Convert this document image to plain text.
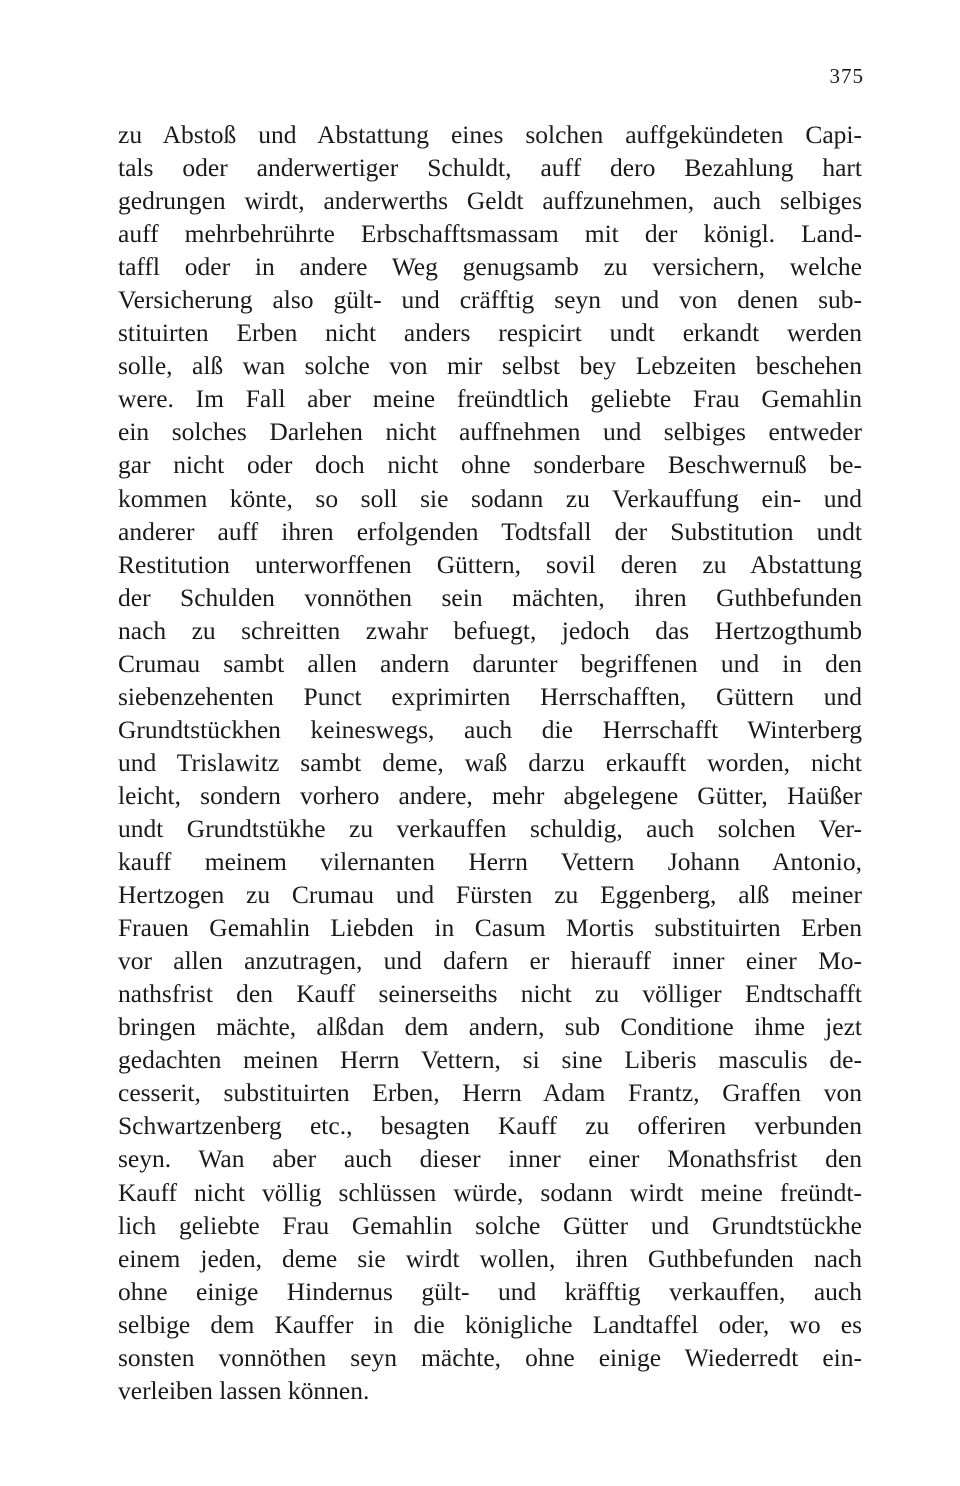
375
zu Abstoß und Abstattung eines solchen auffgekündeten Capi-
tals oder anderwertiger Schuldt, auff dero Bezahlung hart
gedrungen wirdt, anderwerths Geldt auffzunehmen, auch selbiges
auff mehrbehrührte Erbschafftsmassam mit der königl. Land-
taffl oder in andere Weg genugsamb zu versichern, welche
Versicherung also gült- und cräfftig seyn und von denen sub-
stituirten Erben nicht anders respicirt undt erkandt werden
solle, alß wan solche von mir selbst bey Lebzeiten beschehen
were. Im Fall aber meine freündtlich geliebte Frau Gemahlin
ein solches Darlehen nicht auffnehmen und selbiges entweder
gar nicht oder doch nicht ohne sonderbare Beschwernuß be-
kommen könte, so soll sie sodann zu Verkauffung ein- und
anderer auff ihren erfolgenden Todtsfall der Substitution undt
Restitution unterworffenen Güttern, sovil deren zu Abstattung
der Schulden vonnöthen sein mächten, ihren Guthbefunden
nach zu schreitten zwahr befuegt, jedoch das Hertzogthumb
Crumau sambt allen andern darunter begriffenen und in den
siebenzehenten Punct exprimirten Herrschafften, Güttern und
Grundtstückhen keineswegs, auch die Herrschafft Winterberg
und Trislawitz sambt deme, waß darzu erkaufft worden, nicht
leicht, sondern vorhero andere, mehr abgelegene Gütter, Haüßer
undt Grundtstükhe zu verkauffen schuldig, auch solchen Ver-
kauff meinem vilernanten Herrn Vettern Johann Antonio,
Hertzogen zu Crumau und Fürsten zu Eggenberg, alß meiner
Frauen Gemahlin Liebden in Casum Mortis substituirten Erben
vor allen anzutragen, und dafern er hierauff inner einer Mo-
nathsfrist den Kauff seinerseiths nicht zu völliger Endtschafft
bringen mächte, alßdan dem andern, sub Conditione ihme jezt
gedachten meinen Herrn Vettern, si sine Liberis masculis de-
cesserit, substituirten Erben, Herrn Adam Frantz, Graffen von
Schwartzenberg etc., besagten Kauff zu offeriren verbunden
seyn. Wan aber auch dieser inner einer Monathsfrist den
Kauff nicht völlig schlüssen würde, sodann wirdt meine freündt-
lich geliebte Frau Gemahlin solche Gütter und Grundtstückhe
einem jeden, deme sie wirdt wollen, ihren Guthbefunden nach
ohne einige Hindernus gült- und kräfftig verkauffen, auch
selbige dem Kauffer in die königliche Landtaffel oder, wo es
sonsten vonnöthen seyn mächte, ohne einige Wiederredt ein-
verleiben lassen können.
